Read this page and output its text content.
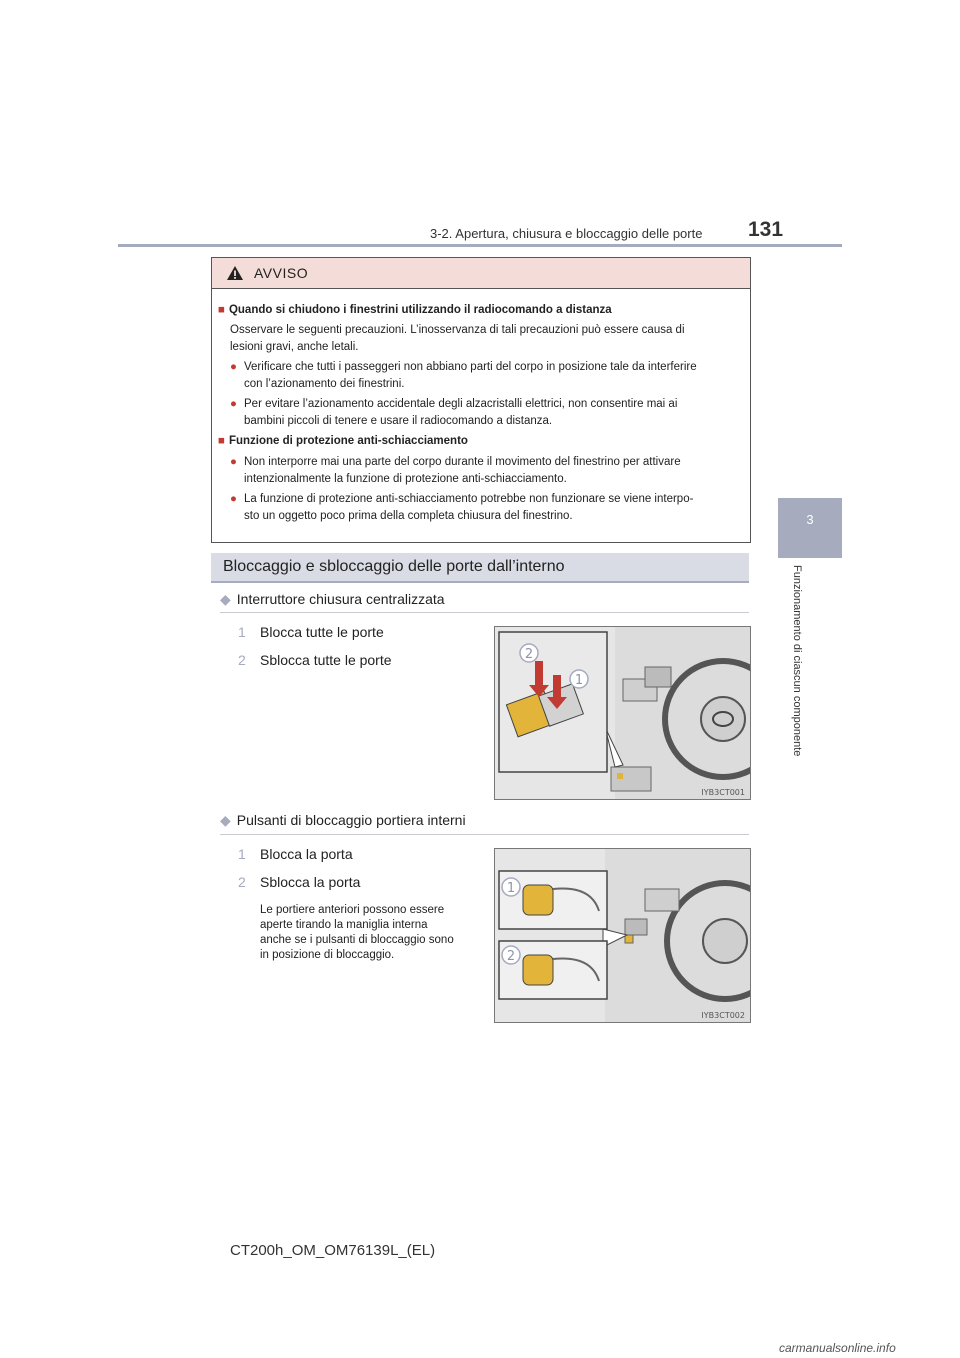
3-2. Apertura, chiusura e bloccaggio delle porte 131
3
Funzionamento di ciascun componente
AVVISO
■ Quando si chiudono i finestrini utilizzando il radiocomando a distanza
Osservare le seguenti precauzioni. L’inosservanza di tali precauzioni può essere causa di
lesioni gravi, anche letali.
● Verificare che tutti i passeggeri non abbiano parti del corpo in posizione tale da interferire
con l’azionamento dei finestrini.
● Per evitare l’azionamento accidentale degli alzacristalli elettrici, non consentire mai ai
bambini piccoli di tenere e usare il radiocomando a distanza.
■ Funzione di protezione anti-schiacciamento
● Non interporre mai una parte del corpo durante il movimento del finestrino per attivare
intenzionalmente la funzione di protezione anti-schiacciamento.
● La funzione di protezione anti-schiacciamento potrebbe non funzionare se viene interpo-
sto un oggetto poco prima della completa chiusura del finestrino.
Bloccaggio e sbloccaggio delle porte dall’interno
◆ Interruttore chiusura centralizzata
1 Blocca tutte le porte
2 Sblocca tutte le porte	2
1
IYB3CT001
◆ Pulsanti di bloccaggio portiera interni
1 Blocca la porta
2 Sblocca la porta
Le portiere anteriori possono essere
aperte tirando la maniglia interna
anche se i pulsanti di bloccaggio sono
in posizione di bloccaggio.
1
2
IYB3CT002
CT200h_OM_OM76139L_(EL)
carmanualsonline.info
